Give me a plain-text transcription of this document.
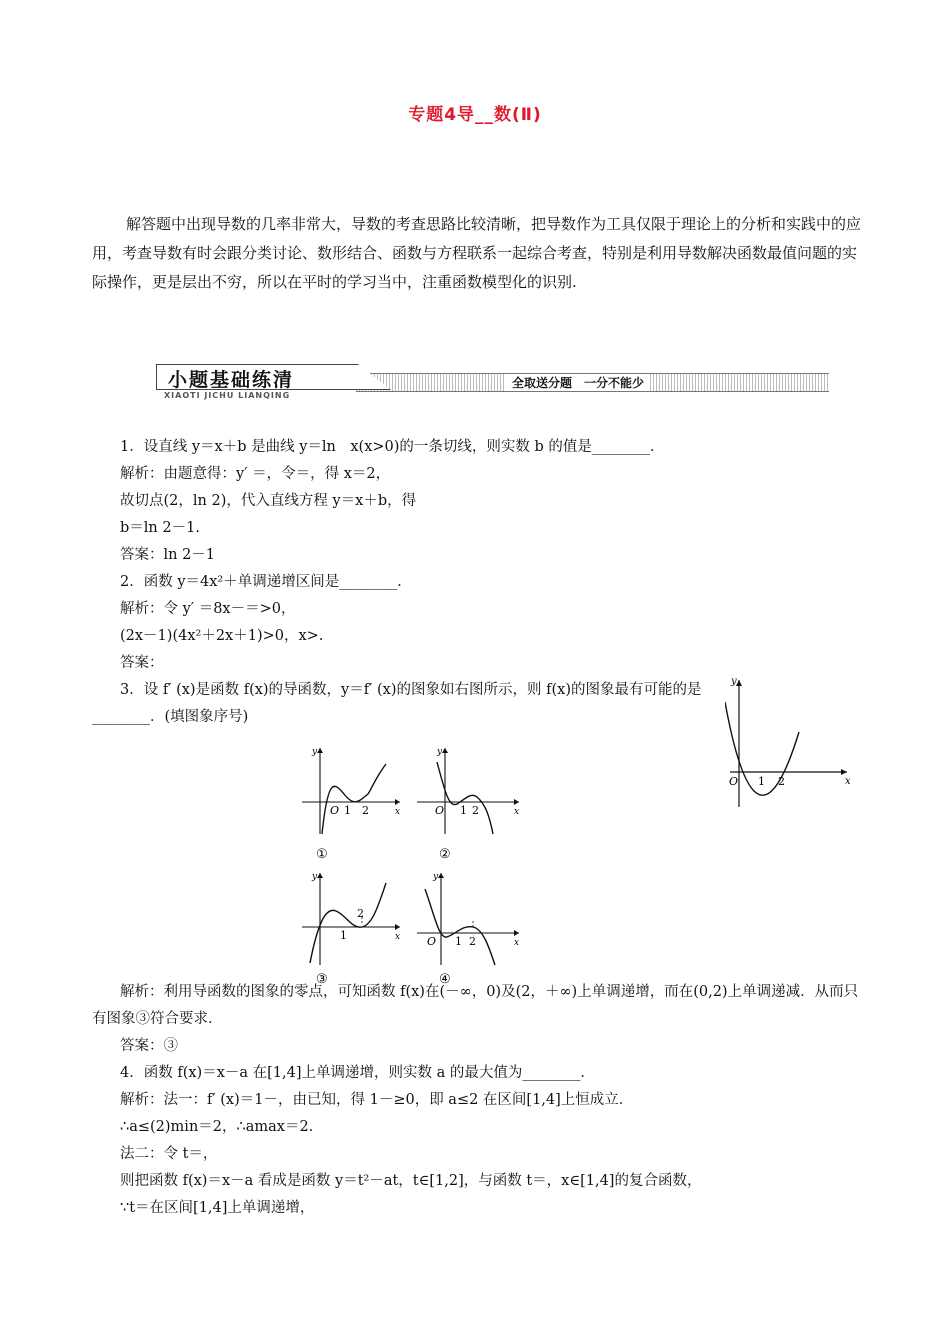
专题4导__数(Ⅱ)
解答题中出现导数的几率非常大，导数的考查思路比较清晰，把导数作为工具仅限于理论上的分析和实践中的应用，考查导数有时会跟分类讨论、数形结合、函数与方程联系一起综合考查，特别是利用导数解决函数最值问题的实际操作，更是层出不穷，所以在平时的学习当中，注重函数模型化的识别.
小题基础练清
XIAOTI JICHU LIANQING
全取送分题　一分不能少
1．设直线 y＝x＋b 是曲线 y＝ln　x(x>0)的一条切线，则实数 b 的值是________．
解析：由题意得：y′ ＝，令＝，得 x＝2，
故切点(2，ln 2)，代入直线方程 y＝x＋b，得
b＝ln 2－1.
答案：ln 2－1
2．函数 y＝4x²＋单调递增区间是________．
解析：令 y′ ＝8x－＝>0，
(2x－1)(4x²＋2x＋1)>0，x>.
答案：
3．设 f′ (x)是函数 f(x)的导函数，y＝f′ (x)的图象如右图所示，则 f(x)的图象最有可能的是________．(填图象序号)
解析：利用导函数的图象的零点，可知函数 f(x)在(－∞，0)及(2，＋∞)上单调递增，而在(0,2)上单调递减．从而只有图象③符合要求．
答案：③
4．函数 f(x)＝x－a 在[1,4]上单调递增，则实数 a 的最大值为________．
解析：法一：f′ (x)＝1－，由已知，得 1－≥0，即 a≤2 在区间[1,4]上恒成立．
∴a≤(2)min＝2，∴amax＝2.
法二：令 t＝，
则把函数 f(x)＝x－a 看成是函数 y＝t²－at，t∈[1,2]，与函数 t＝，x∈[1,4]的复合函数，
∵t＝在区间[1,4]上单调递增，
y
x
O 1 2
y
x
O 1 2
①
y
x
O 1 2
②
y
x
1
2
③
y
x
O 1 2
④
